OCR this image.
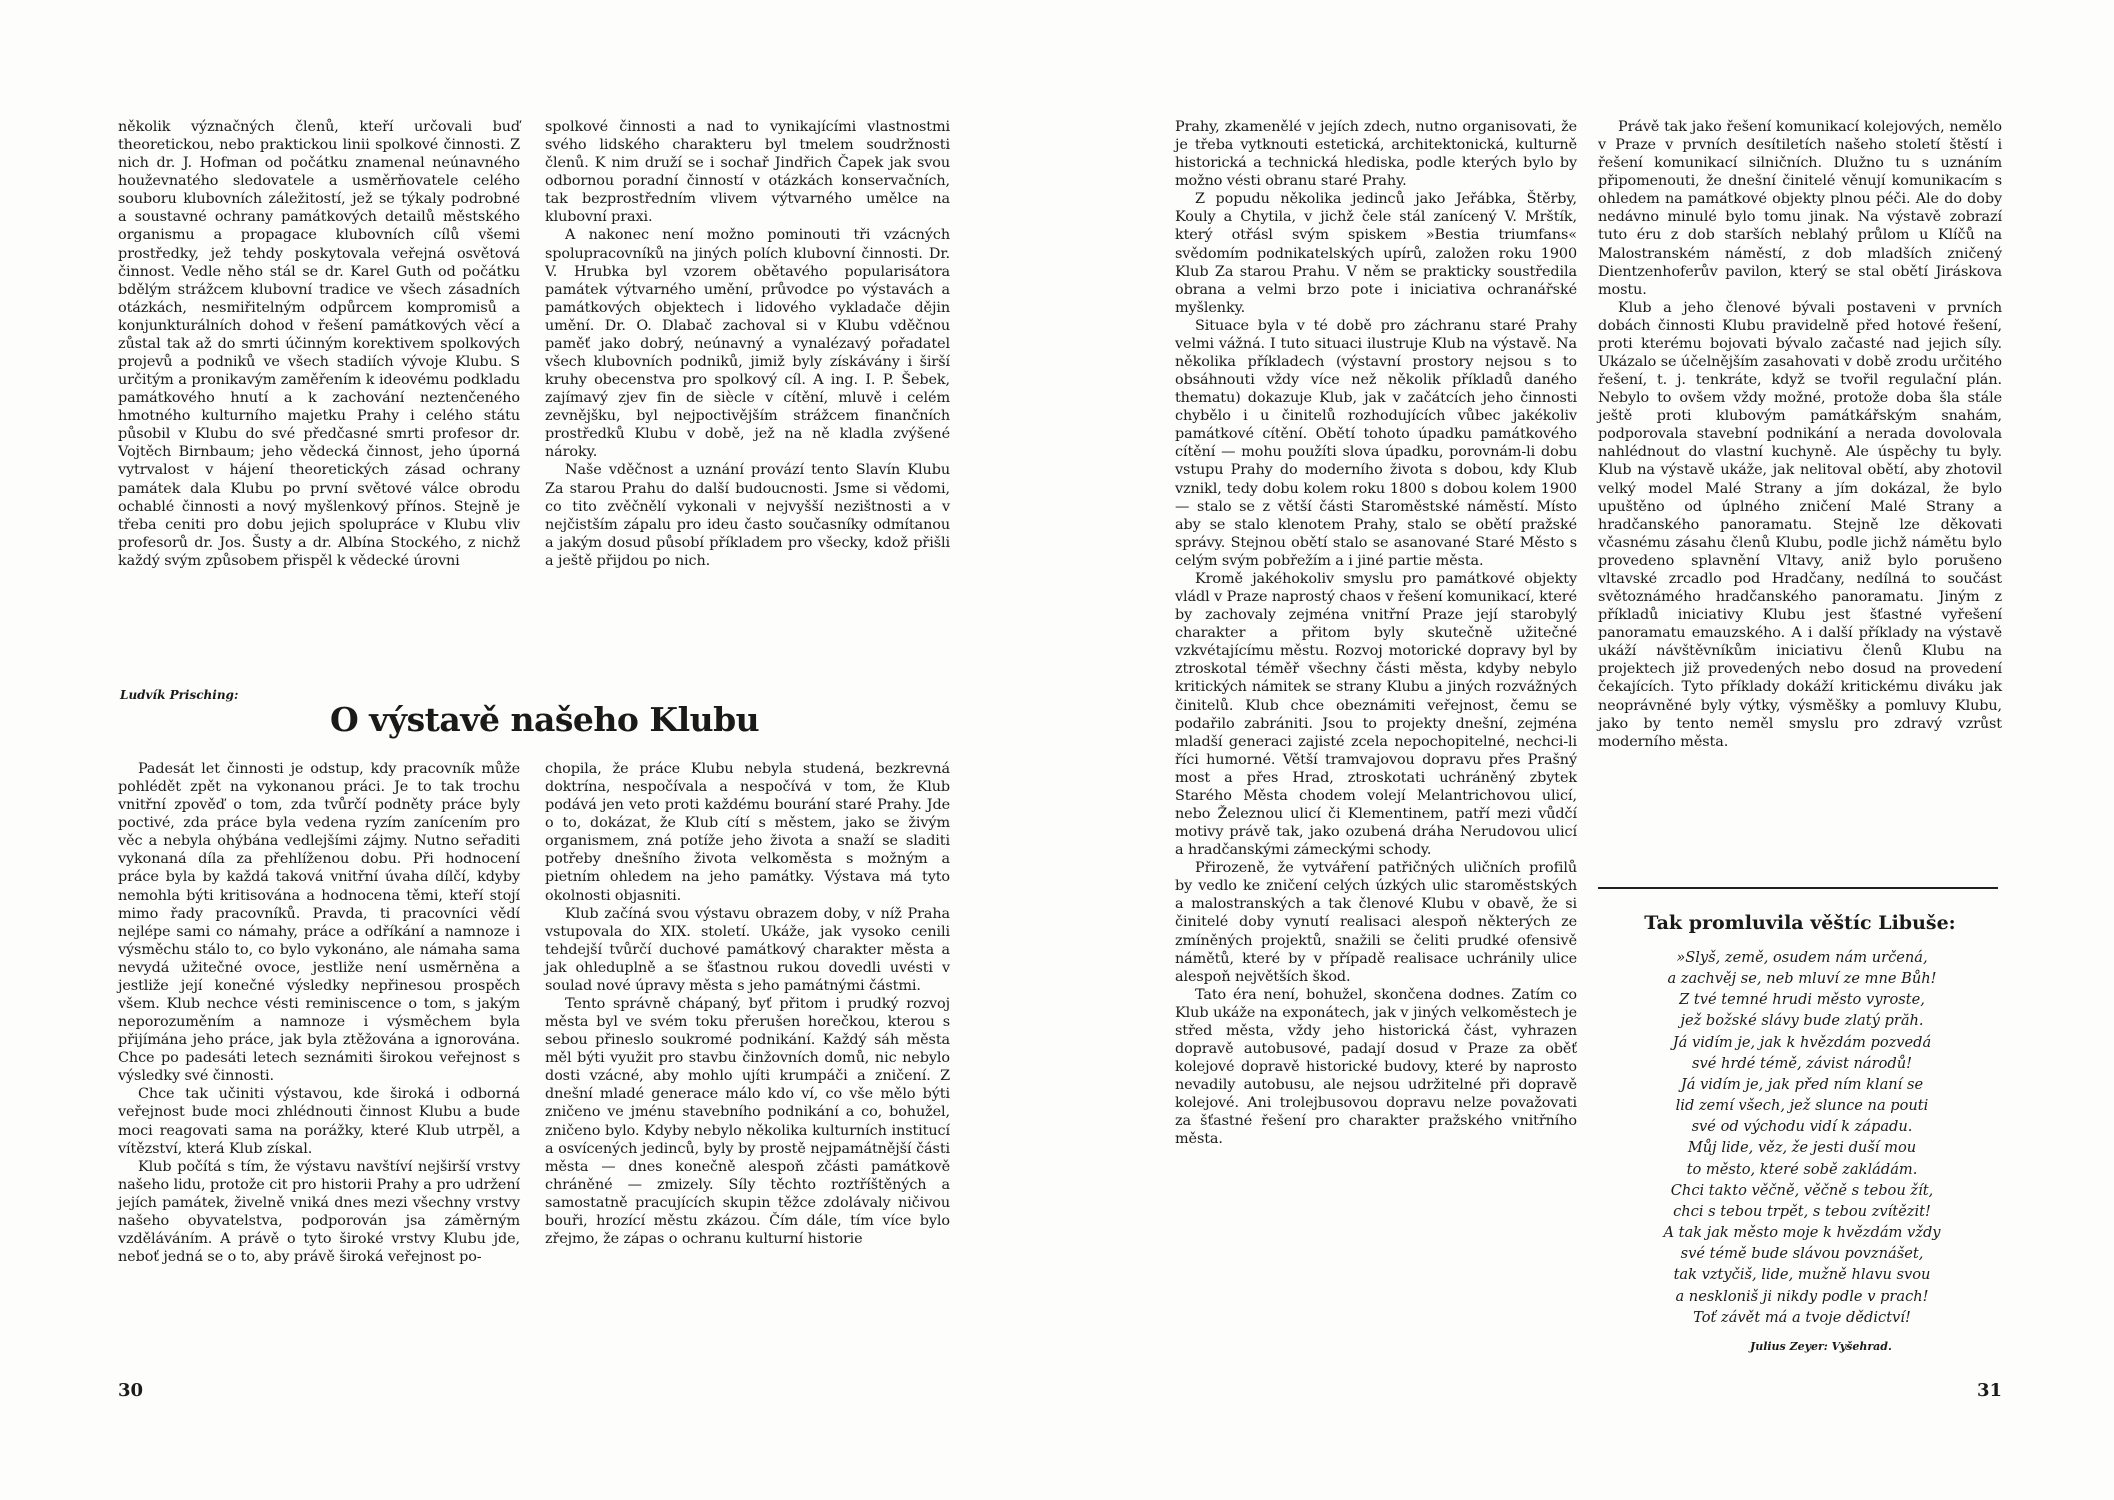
několik význačných členů, kteří určovali buď theoretickou, nebo praktickou linii spolkové činnosti. Z nich dr. J. Hofman od počátku znamenal neúnavného houževnatého sledovatele a usměrňovatele celého souboru klubovních záležitostí, jež se týkaly podrobné a soustavné ochrany památkových detailů městského organismu a propagace klubovních cílů všemi prostředky, jež tehdy poskytovala veřejná osvětová činnost. Vedle něho stál se dr. Karel Guth od počátku bdělým strážcem klubovní tradice ve všech zásadních otázkách, nesmiřitelným odpůrcem kompromisů a konjunkturálních dohod v řešení památkových věcí a zůstal tak až do smrti účinným korektivem spolkových projevů a podniků ve všech stadiích vývoje Klubu. S určitým a pronikavým zaměřením k ideovému podkladu památkového hnutí a k zachování neztenčeného hmotného kulturního majetku Prahy i celého státu působil v Klubu do své předčasné smrti profesor dr. Vojtěch Birnbaum; jeho vědecká činnost, jeho úporná vytrvalost v hájení theoretických zásad ochrany památek dala Klubu po první světové válce obrodu ochablé činnosti a nový myšlenkový přínos. Stejně je třeba ceniti pro dobu jejich spolupráce v Klubu vliv profesorů dr. Jos. Šusty a dr. Albína Stockého, z nichž každý svým způsobem přispěl k vědecké úrovni

spolkové činnosti a nad to vynikajícími vlastnostmi svého lidského charakteru byl tmelem soudržnosti členů. K nim druží se i sochař Jindřich Čapek jak svou odbornou poradní činností v otázkách konservačních, tak bezprostředním vlivem výtvarného umělce na klubovní praxi.

A nakonec není možno pominouti tři vzácných spolupracovníků na jiných polích klubovní činnosti. Dr. V. Hrubka byl vzorem obětavého popularisátora památek výtvarného umění, průvodce po výstavách a památkových objektech i lidového vykladače dějin umění. Dr. O. Dlabač zachoval si v Klubu vděčnou paměť jako dobrý, neúnavný a vynalézavý pořadatel všech klubovních podniků, jimiž byly získávány i širší kruhy obecenstva pro spolkový cíl. A ing. I. P. Šebek, zajímavý zjev fin de siècle v cítění, mluvě i celém zevnějšku, byl nejpoctivějším strážcem finančních prostředků Klubu v době, jež na ně kladla zvýšené nároky.

Naše vděčnost a uznání provází tento Slavín Klubu Za starou Prahu do další budoucnosti. Jsme si vědomi, co tito zvěčnělí vykonali v nejvyšší nezištnosti a v nejčistším zápalu pro ideu často současníky odmítanou a jakým dosud působí příkladem pro všecky, kdož přišli a ještě přijdou po nich.

Ludvík Prisching:
O výstavě našeho Klubu

Padesát let činnosti je odstup, kdy pracovník může pohlédět zpět na vykonanou práci. Je to tak trochu vnitřní zpověď o tom, zda tvůrčí podněty práce byly poctivé, zda práce byla vedena ryzím zanícením pro věc a nebyla ohýbána vedlejšími zájmy. Nutno seřaditi vykonaná díla za přehlíženou dobu. Při hodnocení práce byla by každá taková vnitřní úvaha dílčí, kdyby nemohla býti kritisována a hodnocena těmi, kteří stojí mimo řady pracovníků. Pravda, ti pracovníci vědí nejlépe sami co námahy, práce a odříkání a namnoze i výsměchu stálo to, co bylo vykonáno, ale námaha sama nevydá užitečné ovoce, jestliže není usměrněna a jestliže její konečné výsledky nepřinesou prospěch všem. Klub nechce vésti reminiscence o tom, s jakým neporozuměním a namnoze i výsměchem byla přijímána jeho práce, jak byla ztěžována a ignorována. Chce po padesáti letech seznámiti širokou veřejnost s výsledky své činnosti.

Chce tak učiniti výstavou, kde široká i odborná veřejnost bude moci zhlédnouti činnost Klubu a bude moci reagovati sama na porážky, které Klub utrpěl, a vítězství, která Klub získal.

Klub počítá s tím, že výstavu navštíví nejširší vrstvy našeho lidu, protože cit pro historii Prahy a pro udržení jejích památek, živelně vniká dnes mezi všechny vrstvy našeho obyvatelstva, podporován jsa záměrným vzděláváním. A právě o tyto široké vrstvy Klubu jde, neboť jedná se o to, aby právě široká veřejnost po-

chopila, že práce Klubu nebyla studená, bezkrevná doktrína, nespočívala a nespočívá v tom, že Klub podává jen veto proti každému bourání staré Prahy. Jde o to, dokázat, že Klub cítí s městem, jako se živým organismem, zná potíže jeho života a snaží se sladiti potřeby dnešního života velkoměsta s možným a pietním ohledem na jeho památky. Výstava má tyto okolnosti objasniti.

Klub začíná svou výstavu obrazem doby, v níž Praha vstupovala do XIX. století. Ukáže, jak vysoko cenili tehdejší tvůrčí duchové památkový charakter města a jak ohleduplně a se šťastnou rukou dovedli uvésti v soulad nové úpravy města s jeho památnými částmi.

Tento správně chápaný, byť přitom i prudký rozvoj města byl ve svém toku přerušen horečkou, kterou s sebou přineslo soukromé podnikání. Každý sáh města měl býti využit pro stavbu činžovních domů, nic nebylo dosti vzácné, aby mohlo ujíti krumpáči a zničení. Z dnešní mladé generace málo kdo ví, co vše mělo býti zničeno ve jménu stavebního podnikání a co, bohužel, zničeno bylo. Kdyby nebylo několika kulturních institucí a osvícených jedinců, byly by prostě nejpamátnější části města — dnes konečně alespoň zčásti památkově chráněné — zmizely. Síly těchto roztříštěných a samostatně pracujících skupin těžce zdolávaly ničivou bouři, hrozící městu zkázou. Čím dále, tím více bylo zřejmo, že zápas o ochranu kulturní historie

30

Prahy, zkamenělé v jejích zdech, nutno organisovati, že je třeba vytknouti estetická, architektonická, kulturně historická a technická hlediska, podle kterých bylo by možno vésti obranu staré Prahy.

Z popudu několika jedinců jako Jeřábka, Štěrby, Kouly a Chytila, v jichž čele stál zanícený V. Mrštík, který otřásl svým spiskem »Bestia triumfans« svědomím podnikatelských upírů, založen roku 1900 Klub Za starou Prahu. V něm se prakticky soustředila obrana a velmi brzo pote i iniciativa ochranářské myšlenky.

Situace byla v té době pro záchranu staré Prahy velmi vážná. I tuto situaci ilustruje Klub na výstavě. Na několika příkladech (výstavní prostory nejsou s to obsáhnouti vždy více než několik příkladů daného thematu) dokazuje Klub, jak v začátcích jeho činnosti chybělo i u činitelů rozhodujících vůbec jakékoliv památkové cítění. Obětí tohoto úpadku památkového cítění — mohu použíti slova úpadku, porovnám-li dobu vstupu Prahy do moderního života s dobou, kdy Klub vznikl, tedy dobu kolem roku 1800 s dobou kolem 1900 — stalo se z větší části Staroměstské náměstí. Místo aby se stalo klenotem Prahy, stalo se obětí pražské správy. Stejnou obětí stalo se asanované Staré Město s celým svým pobřežím a i jiné partie města.

Kromě jakéhokoliv smyslu pro památkové objekty vládl v Praze naprostý chaos v řešení komunikací, které by zachovaly zejména vnitřní Praze její starobylý charakter a přitom byly skutečně užitečné vzkvétajícímu městu. Rozvoj motorické dopravy byl by ztroskotal téměř všechny části města, kdyby nebylo kritických námitek se strany Klubu a jiných rozvážných činitelů. Klub chce obeznámiti veřejnost, čemu se podařilo zabrániti. Jsou to projekty dnešní, zejména mladší generaci zajisté zcela nepochopitelné, nechci-li říci humorné. Větší tramvajovou dopravu přes Prašný most a přes Hrad, ztroskotati uchráněný zbytek Starého Města chodem volejí Melantrichovou ulicí, nebo Železnou ulicí či Klementinem, patří mezi vůdčí motivy právě tak, jako ozubená dráha Nerudovou ulicí a hradčanskými zámeckými schody.

Přirozeně, že vytváření patřičných uličních profilů by vedlo ke zničení celých úzkých ulic staroměstských a malostranských a tak členové Klubu v obavě, že si činitelé doby vynutí realisaci alespoň některých ze zmíněných projektů, snažili se čeliti prudké ofensivě námětů, které by v případě realisace uchránily ulice alespoň největších škod.

Tato éra není, bohužel, skončena dodnes. Zatím co Klub ukáže na exponátech, jak v jiných velkoměstech je střed města, vždy jeho historická část, vyhrazen dopravě autobusové, padají dosud v Praze za oběť kolejové dopravě historické budovy, které by naprosto nevadily autobusu, ale nejsou udržitelné při dopravě kolejové. Ani trolejbusovou dopravu nelze považovati za šťastné řešení pro charakter pražského vnitřního města.

Právě tak jako řešení komunikací kolejových, nemělo v Praze v prvních desítiletích našeho století štěstí i řešení komunikací silničních. Dlužno tu s uznáním připomenouti, že dnešní činitelé věnují komunikacím s ohledem na památkové objekty plnou péči. Ale do doby nedávno minulé bylo tomu jinak. Na výstavě zobrazí tuto éru z dob starších neblahý průlom u Klíčů na Malostranském náměstí, z dob mladších zničený Dientzenhoferův pavilon, který se stal obětí Jiráskova mostu.

Klub a jeho členové bývali postaveni v prvních dobách činnosti Klubu pravidelně před hotové řešení, proti kterému bojovati bývalo začasté nad jejich síly. Ukázalo se účelnějším zasahovati v době zrodu určitého řešení, t. j. tenkráte, když se tvořil regulační plán. Nebylo to ovšem vždy možné, protože doba šla stále ještě proti klubovým památkářským snahám, podporovala stavební podnikání a nerada dovolovala nahlédnout do vlastní kuchyně. Ale úspěchy tu byly. Klub na výstavě ukáže, jak nelitoval obětí, aby zhotovil velký model Malé Strany a jím dokázal, že bylo upuštěno od úplného zničení Malé Strany a hradčanského panoramatu. Stejně lze děkovati včasnému zásahu členů Klubu, podle jichž námětu bylo provedeno splavnění Vltavy, aniž bylo porušeno vltavské zrcadlo pod Hradčany, nedílná to součást světoznámého hradčanského panoramatu. Jiným z příkladů iniciativy Klubu jest šťastné vyřešení panoramatu emauzského. A i další příklady na výstavě ukáží návštěvníkům iniciativu členů Klubu na projektech již provedených nebo dosud na provedení čekajících. Tyto příklady dokáží kritickému diváku jak neoprávněné byly výtky, výsměšky a pomluvy Klubu, jako by tento neměl smyslu pro zdravý vzrůst moderního města.

31
Tak promluvila věštíc Libuše:
»Slyš, země, osudem nám určená,
a zachvěj se, neb mluví ze mne Bůh!
Z tvé temné hrudi město vyroste,
jež božské slávy bude zlatý prăh.
Já vidím je, jak k hvězdám pozvedá
své hrdé témě, závist národů!
Já vidím je, jak před ním klaní se
lid zemí všech, jež slunce na pouti
své od východu vidí k západu.
Můj lide, věz, že jesti duší mou
to město, které sobě zakládám.
Chci takto věčně, věčně s tebou žít,
chci s tebou trpět, s tebou zvítězit!
A tak jak město moje k hvězdám vždy
své témě bude slávou povznášet,
tak vztyčiš, lide, mužně hlavu svou
a neskloniš ji nikdy podle v prach!
Toť závět má a tvoje dědictví!
Julius Zeyer: Vyšehrad.
